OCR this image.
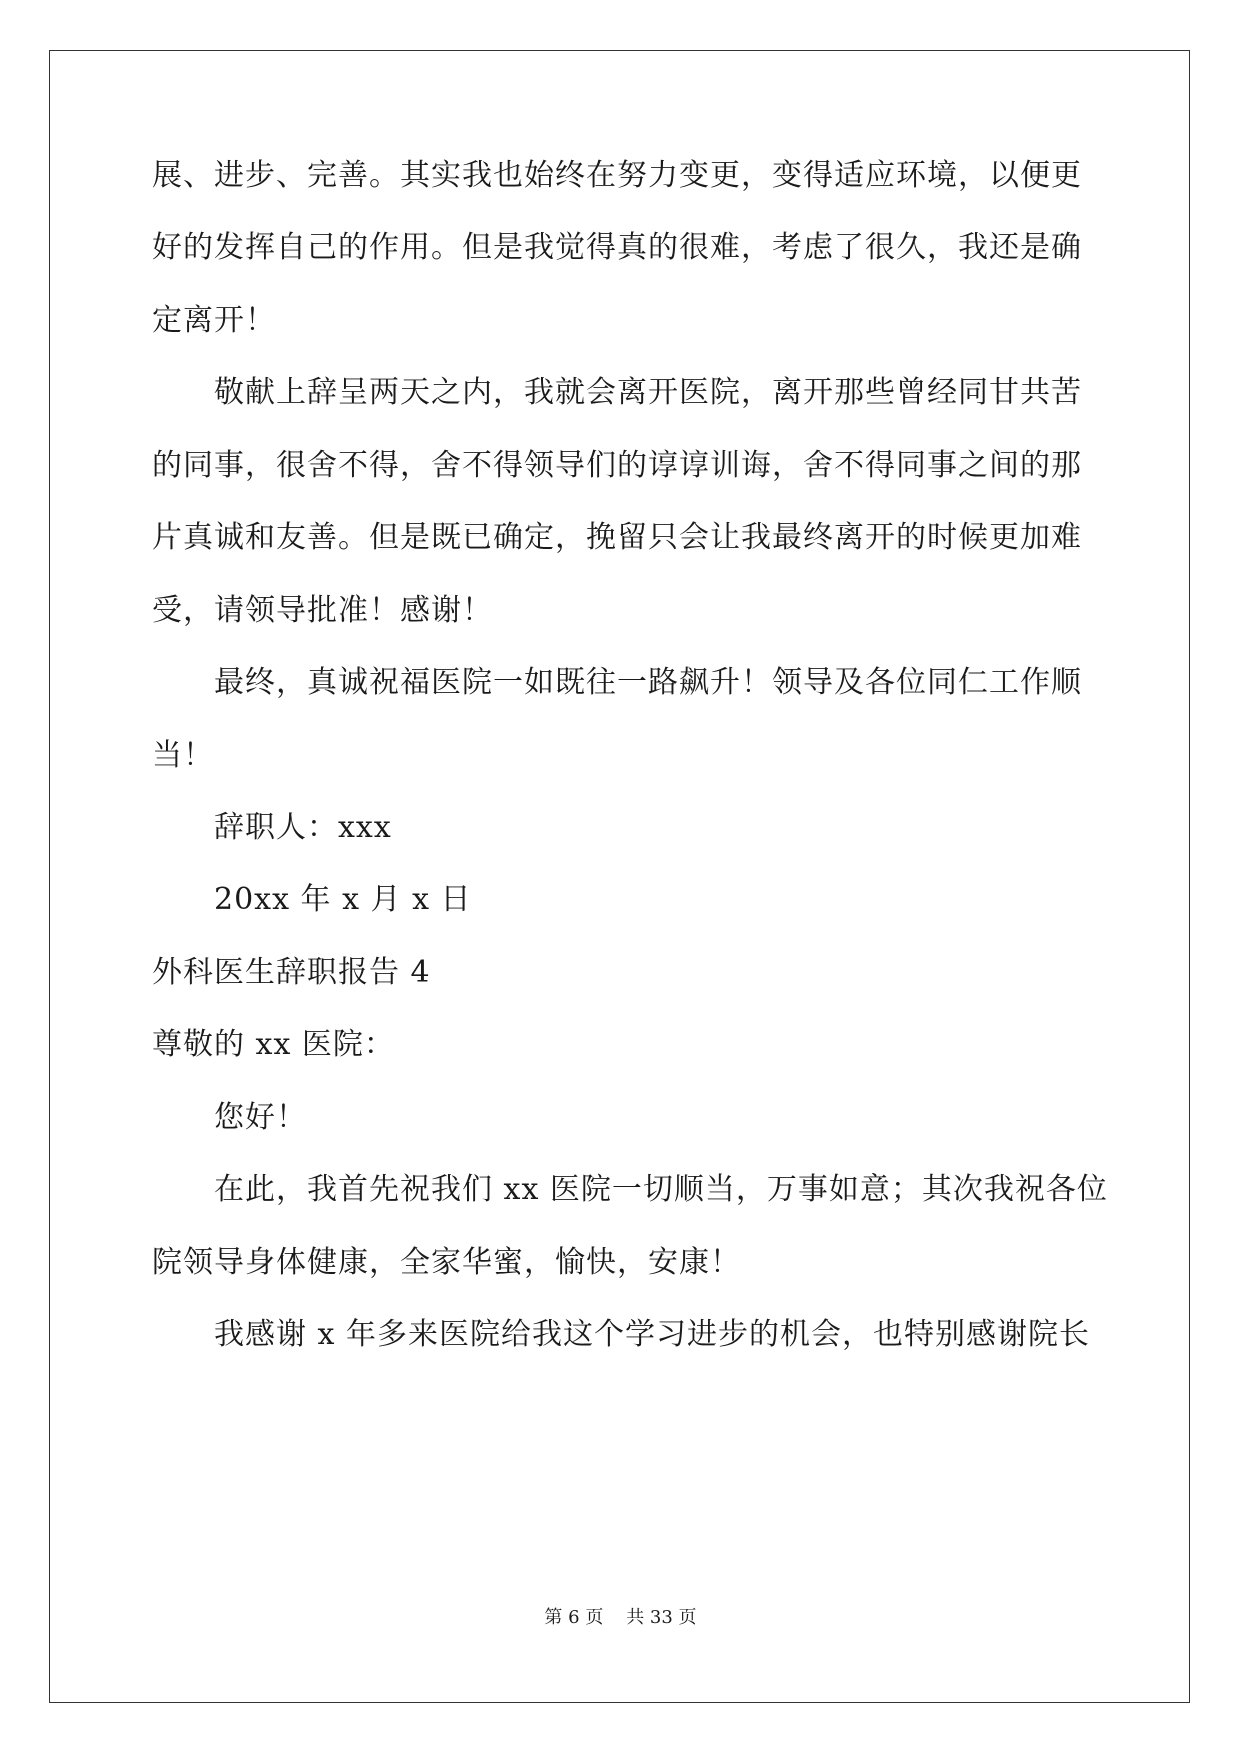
展、进步、完善。其实我也始终在努力变更，变得适应环境，以便更
好的发挥自己的作用。但是我觉得真的很难，考虑了很久，我还是确
定离开！
敬献上辞呈两天之内，我就会离开医院，离开那些曾经同甘共苦
的同事，很舍不得，舍不得领导们的谆谆训诲，舍不得同事之间的那
片真诚和友善。但是既已确定，挽留只会让我最终离开的时候更加难
受，请领导批准！感谢！
最终，真诚祝福医院一如既往一路飙升！领导及各位同仁工作顺
当！
辞职人：xxx
20xx 年 x 月 x 日
外科医生辞职报告 4
尊敬的 xx 医院：
您好！
在此，我首先祝我们 xx 医院一切顺当，万事如意；其次我祝各位
院领导身体健康，全家华蜜，愉快，安康！
我感谢 x 年多来医院给我这个学习进步的机会，也特别感谢院长
第 6 页    共 33 页
